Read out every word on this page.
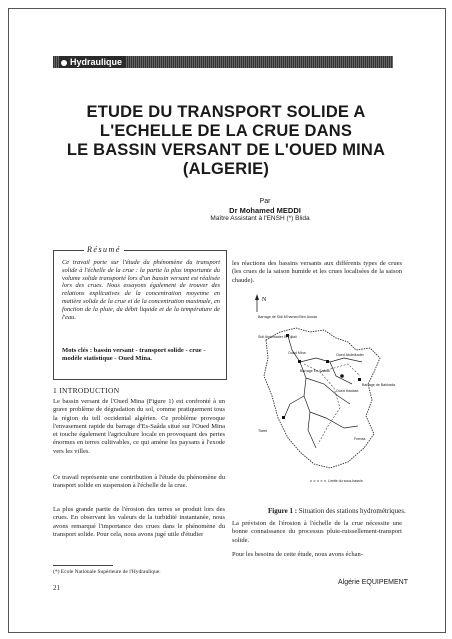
Hydraulique
ETUDE DU TRANSPORT SOLIDE A
L'ECHELLE DE LA CRUE DANS
LE BASSIN VERSANT DE L'OUED MINA
(ALGERIE)
Par
Dr Mohamed MEDDI
Maître Assistant à l'ENSH (*) Blida
Résumé

Ce travail porte sur l'étude du phénomène du transport solide à l'échelle de la crue : la partie la plus importante du volume solide transporté lors d'un bassin versant est réalisée lors des crues. Nous essayons également de trouver des relations explicatives de la concentration moyenne en matière solide de la crue et de la concentration maximale, en fonction de la pluie, du débit liquide et de la température de l'eau.

Mots clés : bassin versant - transport solide - crue - modèle statistique - Oued Mina.

1 INTRODUCTION

Le bassin versant de l'Oued Mina (Figure 1) est confronté à un grave problème de dégradation du sol, comme pratiquement tous la région du tell occidental algérien. Ce problème provoque l'envasement rapide du barrage d'Es-Saâda situé sur l'Oued Mina et touche également l'agriculture locale en provoquant des pertes énormes en terres cultivables, ce qui amène les paysans à l'exode vers les villes.

Ce travail représente une contribution à l'étude du phénomène du transport solide en suspension à l'échelle de la crue.

La plus grande partie de l'érosion des terres se produit lors des crues. En observant les valeurs de la turbidité instantanée, nous avons remarqué l'importance des crues dans le phénomène du transport solide. Pour cela, nous avons jugé utile d'étudier

(*) Ecole Nationale Supérieure de l'Hydraulique.

21
Algérie EQUIPEMENT

les réactions des bassins versants aux différents types de crues (les crues de la saison humide et les crues localisées de la saison chaude).

N
Barrage de Sidi M'hamed Ben Aouda
Sidi Abdelkader El Djilali
Oued Mina	Oued Abdelkader
Barrage Es-Saâda
Oued Haddad
Barrage de Bakhada
Tiaret
Frenda
Limite du sous-bassin

Figure 1 : Situation des stations hydrométriques.

La prévision de l'érosion à l'échelle de la crue nécessite une bonne connaissance du processus pluie-ruissellement-transport solide.

Pour les besoins de cette étude, nous avons échan-
